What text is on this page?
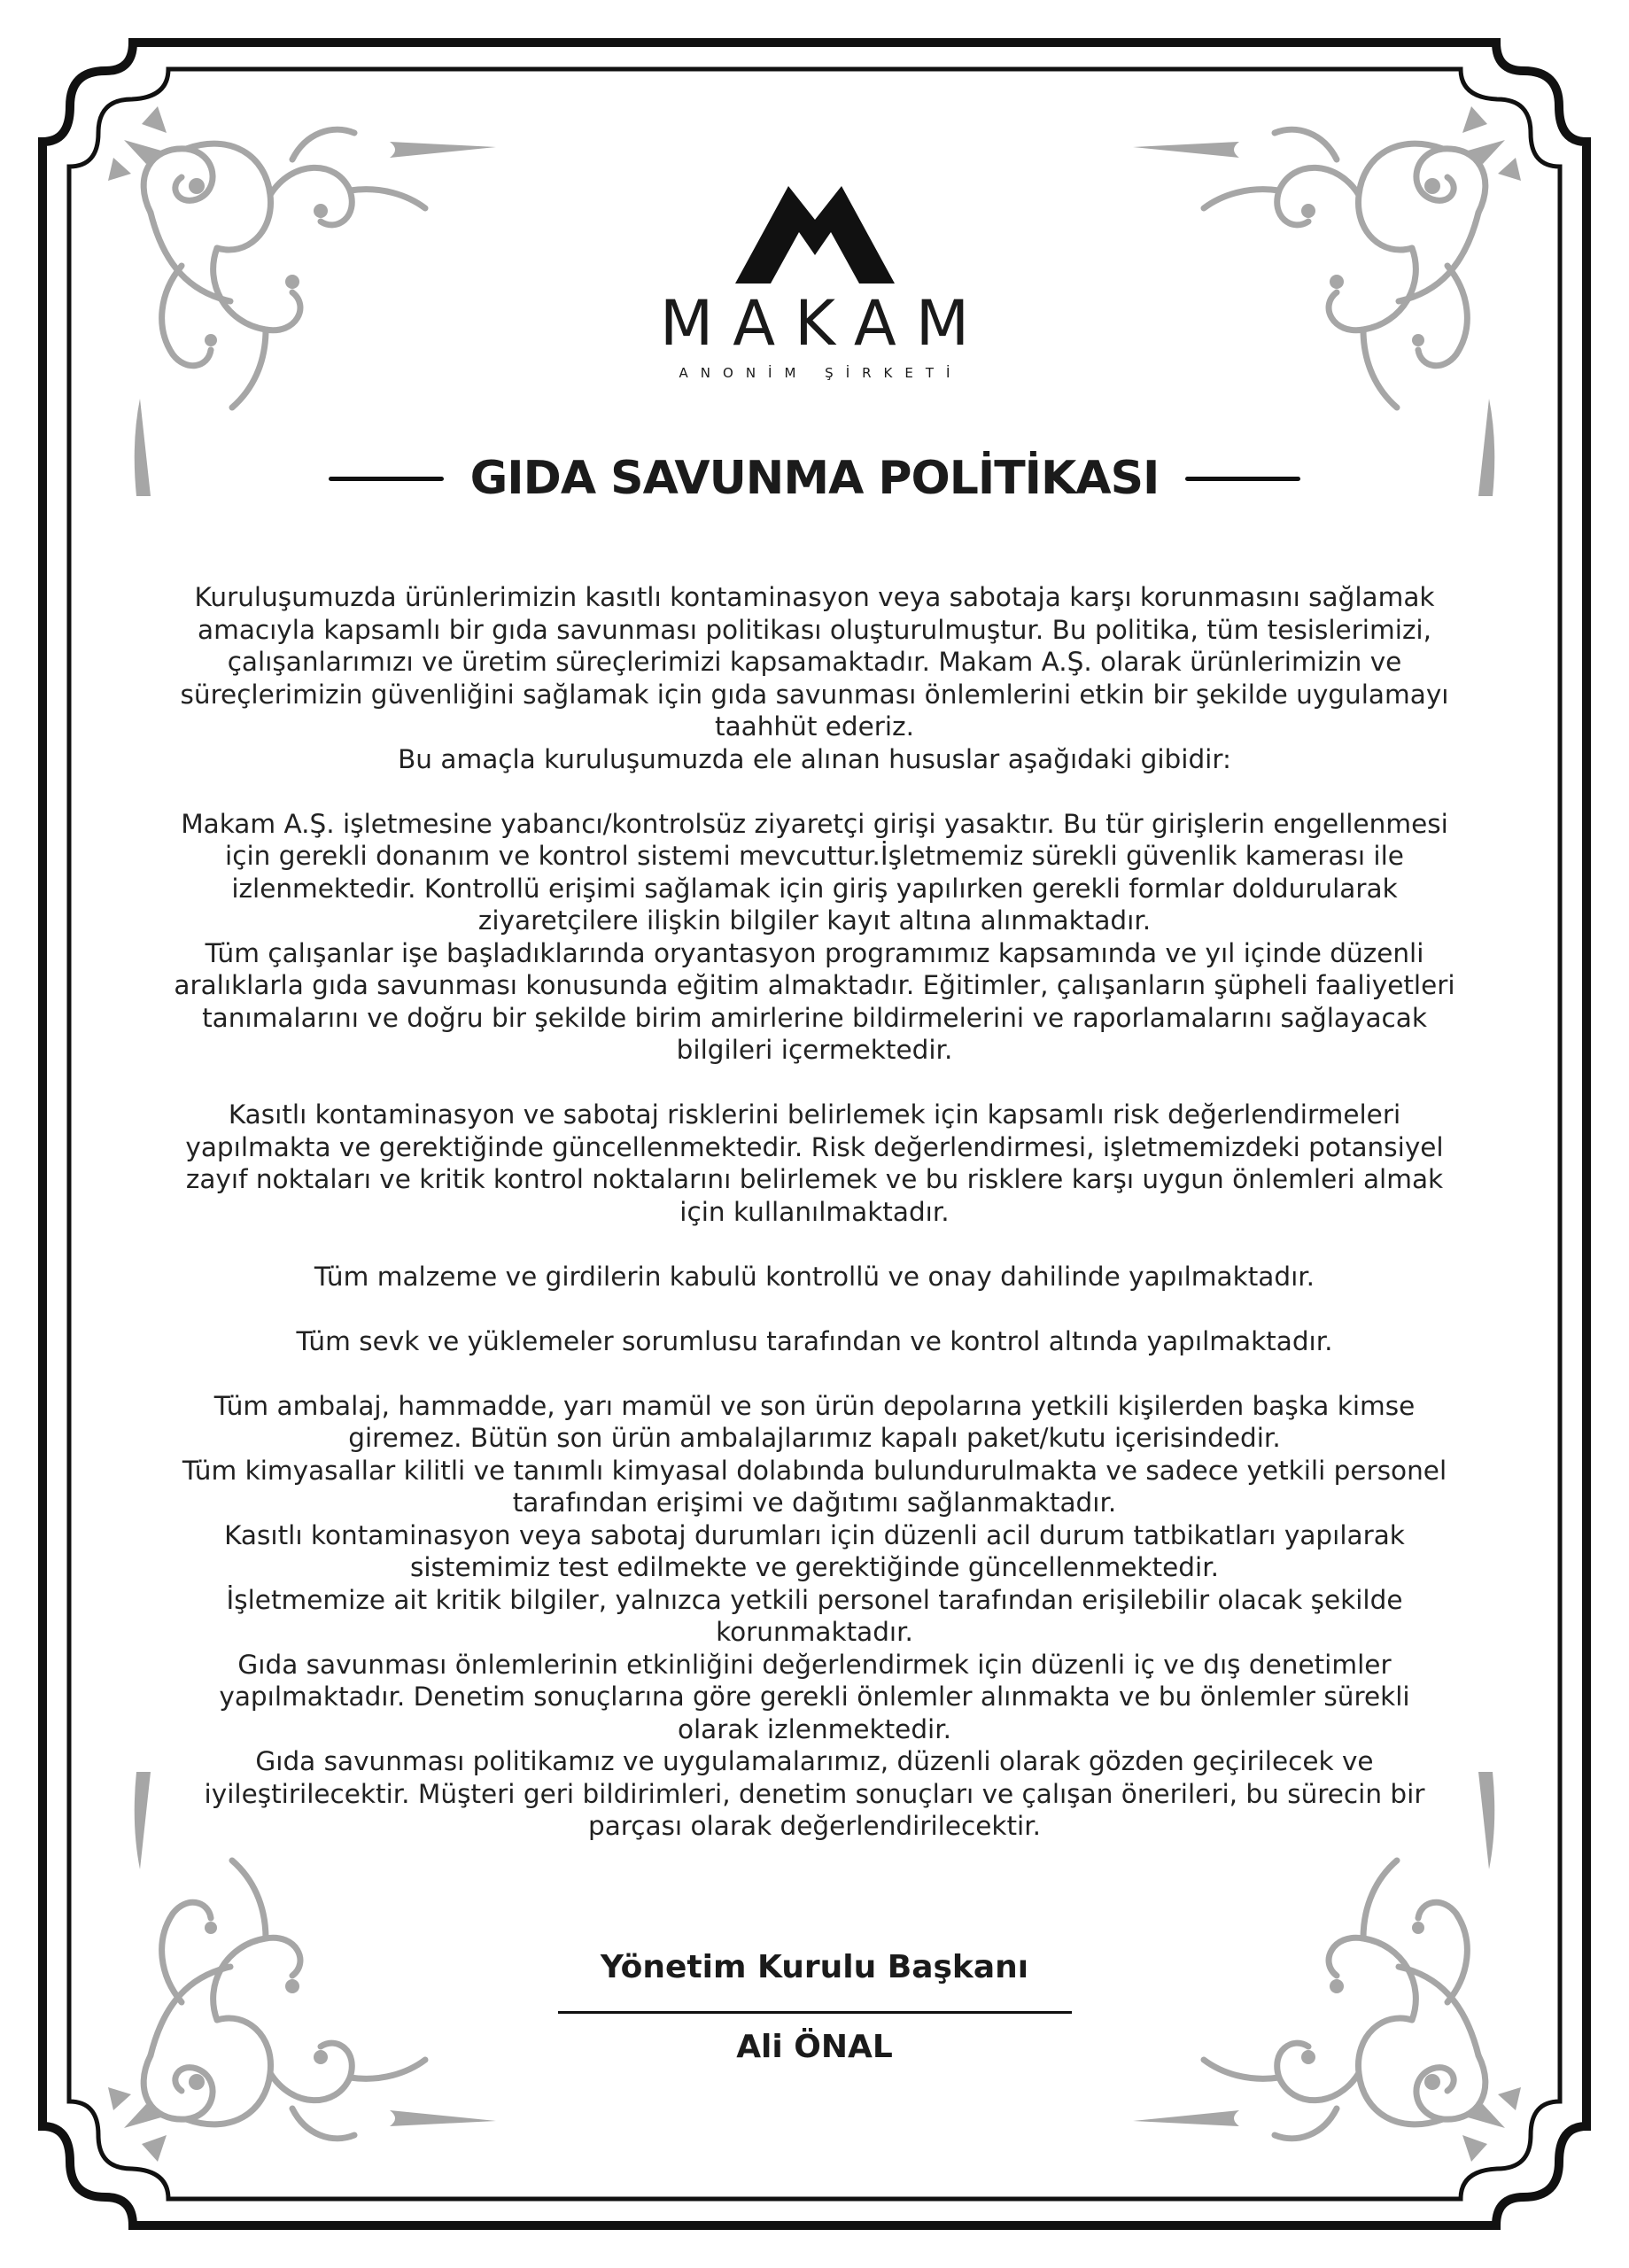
MAKAM
ANONİM ŞİRKETİ
GIDA SAVUNMA POLİTİKASI

Kuruluşumuzda ürünlerimizin kasıtlı kontaminasyon veya sabotaja karşı korunmasını sağlamak

amacıyla kapsamlı bir gıda savunması politikası oluşturulmuştur. Bu politika, tüm tesislerimizi,

çalışanlarımızı ve üretim süreçlerimizi kapsamaktadır. Makam A.Ş. olarak ürünlerimizin ve

süreçlerimizin güvenliğini sağlamak için gıda savunması önlemlerini etkin bir şekilde uygulamayı

taahhüt ederiz.

Bu amaçla kuruluşumuzda ele alınan hususlar aşağıdaki gibidir:

Makam A.Ş. işletmesine yabancı/kontrolsüz ziyaretçi girişi yasaktır. Bu tür girişlerin engellenmesi

için gerekli donanım ve kontrol sistemi mevcuttur.İşletmemiz sürekli güvenlik kamerası ile

izlenmektedir. Kontrollü erişimi sağlamak için giriş yapılırken gerekli formlar doldurularak

ziyaretçilere ilişkin bilgiler kayıt altına alınmaktadır.

Tüm çalışanlar işe başladıklarında oryantasyon programımız kapsamında ve yıl içinde düzenli

aralıklarla gıda savunması konusunda eğitim almaktadır. Eğitimler, çalışanların şüpheli faaliyetleri

tanımalarını ve doğru bir şekilde birim amirlerine bildirmelerini ve raporlamalarını sağlayacak

bilgileri içermektedir.

Kasıtlı kontaminasyon ve sabotaj risklerini belirlemek için kapsamlı risk değerlendirmeleri

yapılmakta ve gerektiğinde güncellenmektedir. Risk değerlendirmesi, işletmemizdeki potansiyel

zayıf noktaları ve kritik kontrol noktalarını belirlemek ve bu risklere karşı uygun önlemleri almak

için kullanılmaktadır.

Tüm malzeme ve girdilerin kabulü kontrollü ve onay dahilinde yapılmaktadır.

Tüm sevk ve yüklemeler sorumlusu tarafından ve kontrol altında yapılmaktadır.

Tüm ambalaj, hammadde, yarı mamül ve son ürün depolarına yetkili kişilerden başka kimse

giremez. Bütün son ürün ambalajlarımız kapalı paket/kutu içerisindedir.

Tüm kimyasallar kilitli ve tanımlı kimyasal dolabında bulundurulmakta ve sadece yetkili personel

tarafından erişimi ve dağıtımı sağlanmaktadır.

Kasıtlı kontaminasyon veya sabotaj durumları için düzenli acil durum tatbikatları yapılarak

sistemimiz test edilmekte ve gerektiğinde güncellenmektedir.

İşletmemize ait kritik bilgiler, yalnızca yetkili personel tarafından erişilebilir olacak şekilde

korunmaktadır.

Gıda savunması önlemlerinin etkinliğini değerlendirmek için düzenli iç ve dış denetimler

yapılmaktadır. Denetim sonuçlarına göre gerekli önlemler alınmakta ve bu önlemler sürekli

olarak izlenmektedir.

Gıda savunması politikamız ve uygulamalarımız, düzenli olarak gözden geçirilecek ve

iyileştirilecektir. Müşteri geri bildirimleri, denetim sonuçları ve çalışan önerileri, bu sürecin bir

parçası olarak değerlendirilecektir.

Yönetim Kurulu Başkanı
Ali ÖNAL
